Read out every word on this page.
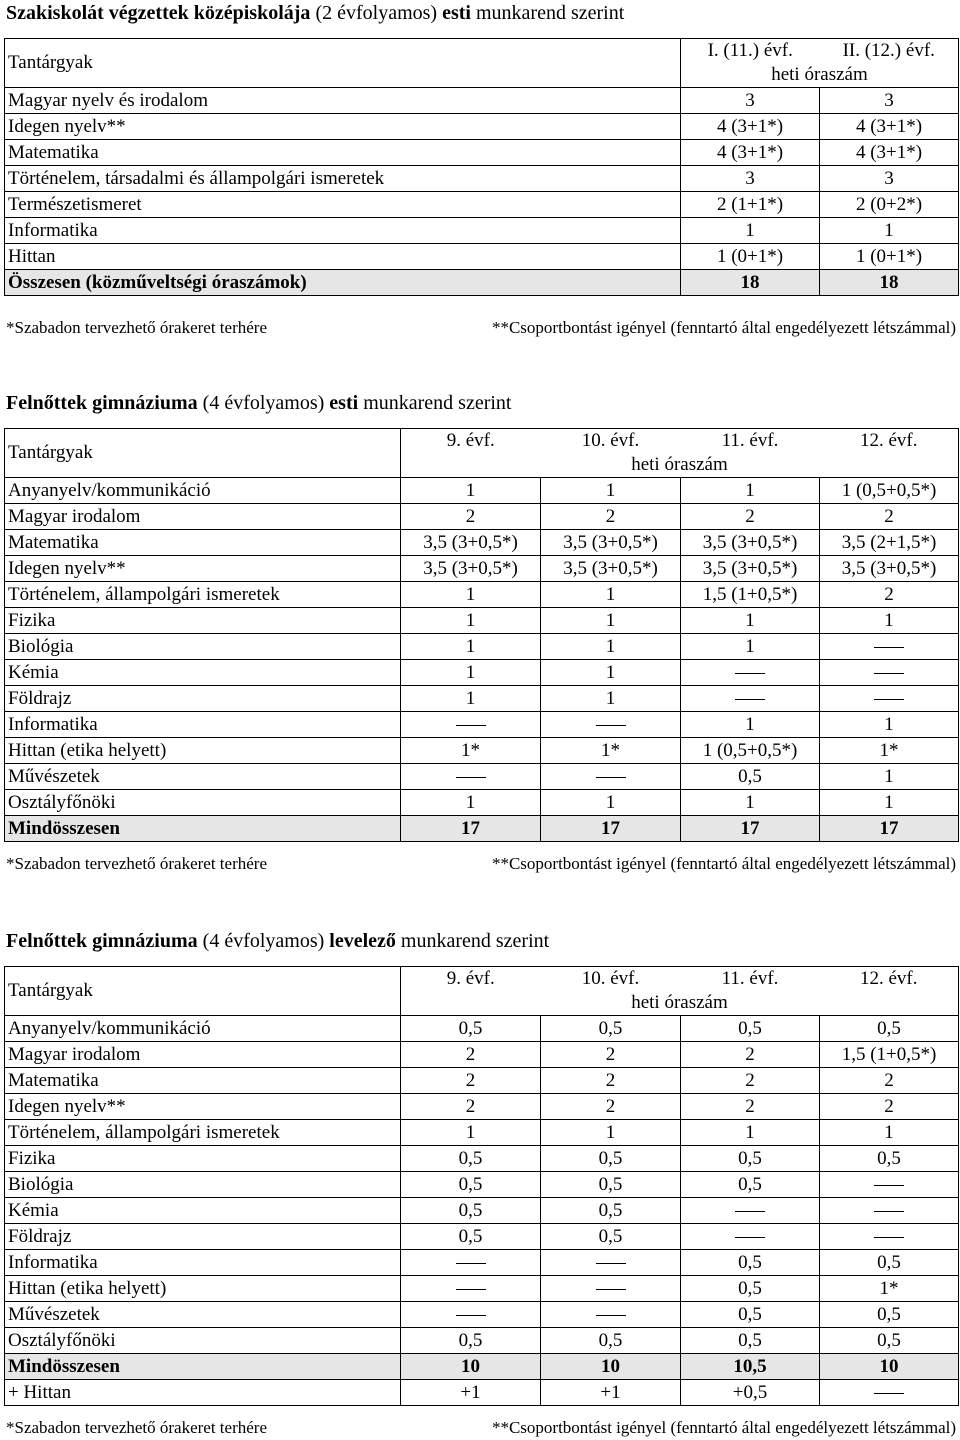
Szakiskolát végzettek középiskolája (2 évfolyamos) esti munkarend szerint
Tantárgyak	I. (11.) évf.	II. (12.) évf.
	heti óraszám	
Magyar nyelv és irodalom	3	3
Idegen nyelv**	4 (3+1*)	4 (3+1*)
Matematika	4 (3+1*)	4 (3+1*)
Történelem, társadalmi és állampolgári ismeretek	3	3
Természetismeret	2 (1+1*)	2 (0+2*)
Informatika	1	1
Hittan	1 (0+1*)	1 (0+1*)
Összesen (közműveltségi óraszámok)	18	18
*Szabadon tervezhető órakeret terhére	**Csoportbontást igényel (fenntartó által engedélyezett létszámmal)
Felnőttek gimnáziuma (4 évfolyamos) esti munkarend szerint
Tantárgyak	9. évf.	10. évf.	11. évf.	12. évf.
	heti óraszám			
Anyanyelv/kommunikáció	1	1	1	1 (0,5+0,5*)
Magyar irodalom	2	2	2	2
Matematika	3,5 (3+0,5*)	3,5 (3+0,5*)	3,5 (3+0,5*)	3,5 (2+1,5*)
Idegen nyelv**	3,5 (3+0,5*)	3,5 (3+0,5*)	3,5 (3+0,5*)	3,5 (3+0,5*)
Történelem, állampolgári ismeretek	1	1	1,5 (1+0,5*)	2
Fizika	1	1	1	1
Biológia	1	1	1	
Kémia	1	1		
Földrajz	1	1		
Informatika			1	1
Hittan (etika helyett)	1*	1*	1 (0,5+0,5*)	1*
Művészetek			0,5	1
Osztályfőnöki	1	1	1	1
Mindösszesen	17	17	17	17
*Szabadon tervezhető órakeret terhére	**Csoportbontást igényel (fenntartó által engedélyezett létszámmal)
Felnőttek gimnáziuma (4 évfolyamos) levelező munkarend szerint
Tantárgyak	9. évf.	10. évf.	11. évf.	12. évf.
	heti óraszám			
Anyanyelv/kommunikáció	0,5	0,5	0,5	0,5
Magyar irodalom	2	2	2	1,5 (1+0,5*)
Matematika	2	2	2	2
Idegen nyelv**	2	2	2	2
Történelem, állampolgári ismeretek	1	1	1	1
Fizika	0,5	0,5	0,5	0,5
Biológia	0,5	0,5	0,5	
Kémia	0,5	0,5		
Földrajz	0,5	0,5		
Informatika			0,5	0,5
Hittan (etika helyett)			0,5	1*
Művészetek			0,5	0,5
Osztályfőnöki	0,5	0,5	0,5	0,5
Mindösszesen	10	10	10,5	10
+ Hittan	+1	+1	+0,5	
*Szabadon tervezhető órakeret terhére	**Csoportbontást igényel (fenntartó által engedélyezett létszámmal)
